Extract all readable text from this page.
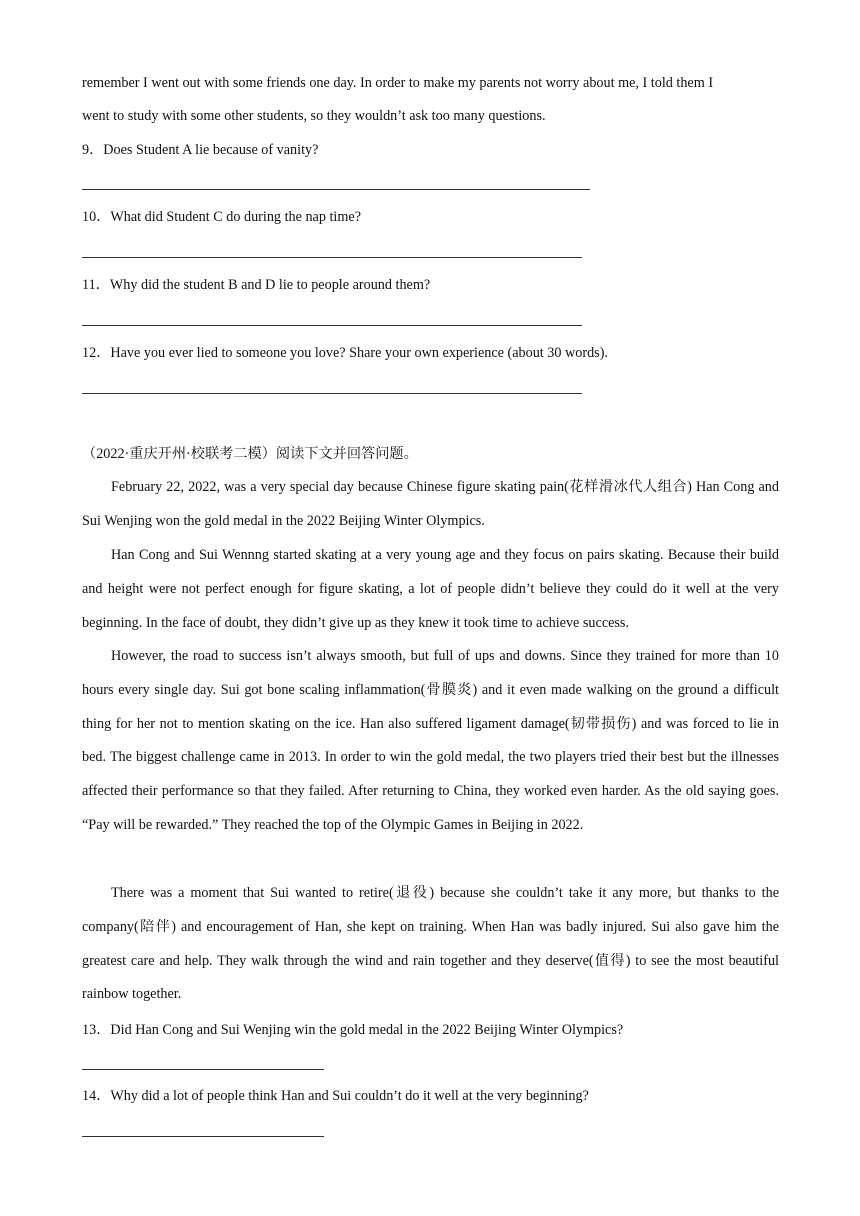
remember I went out with some friends one day. In order to make my parents not worry about me, I told them I
went to study with some other students, so they wouldn’t ask too many questions.
9．Does Student A lie because of vanity?
10．What did Student C do during the nap time?
11．Why did the student B and D lie to people around them?
12．Have you ever lied to someone you love? Share your own experience (about 30 words).
（2022·重庆开州·校联考二模）阅读下文并回答问题。
February 22, 2022, was a very special day because Chinese figure skating pain(花样滑冰代人组合) Han Cong and Sui Wenjing won the gold medal in the 2022 Beijing Winter Olympics.
Han Cong and Sui Wennng started skating at a very young age and they focus on pairs skating. Because their build and height were not perfect enough for figure skating, a lot of people didn’t believe they could do it well at the very beginning. In the face of doubt, they didn’t give up as they knew it took time to achieve success.
However, the road to success isn’t always smooth, but full of ups and downs. Since they trained for more than 10 hours every single day. Sui got bone scaling inflammation(骨膜炎) and it even made walking on the ground a difficult thing for her not to mention skating on the ice. Han also suffered ligament damage(韧带损伤) and was forced to lie in bed. The biggest challenge came in 2013. In order to win the gold medal, the two players tried their best but the illnesses affected their performance so that they failed. After returning to China, they worked even harder. As the old saying goes. “Pay will be rewarded.” They reached the top of the Olympic Games in Beijing in 2022.
There was a moment that Sui wanted to retire(退役) because she couldn’t take it any more, but thanks to the company(陪伴) and encouragement of Han, she kept on training. When Han was badly injured. Sui also gave him the greatest care and help. They walk through the wind and rain together and they deserve(值得) to see the most beautiful rainbow together.
13．Did Han Cong and Sui Wenjing win the gold medal in the 2022 Beijing Winter Olympics?
14．Why did a lot of people think Han and Sui couldn’t do it well at the very beginning?
